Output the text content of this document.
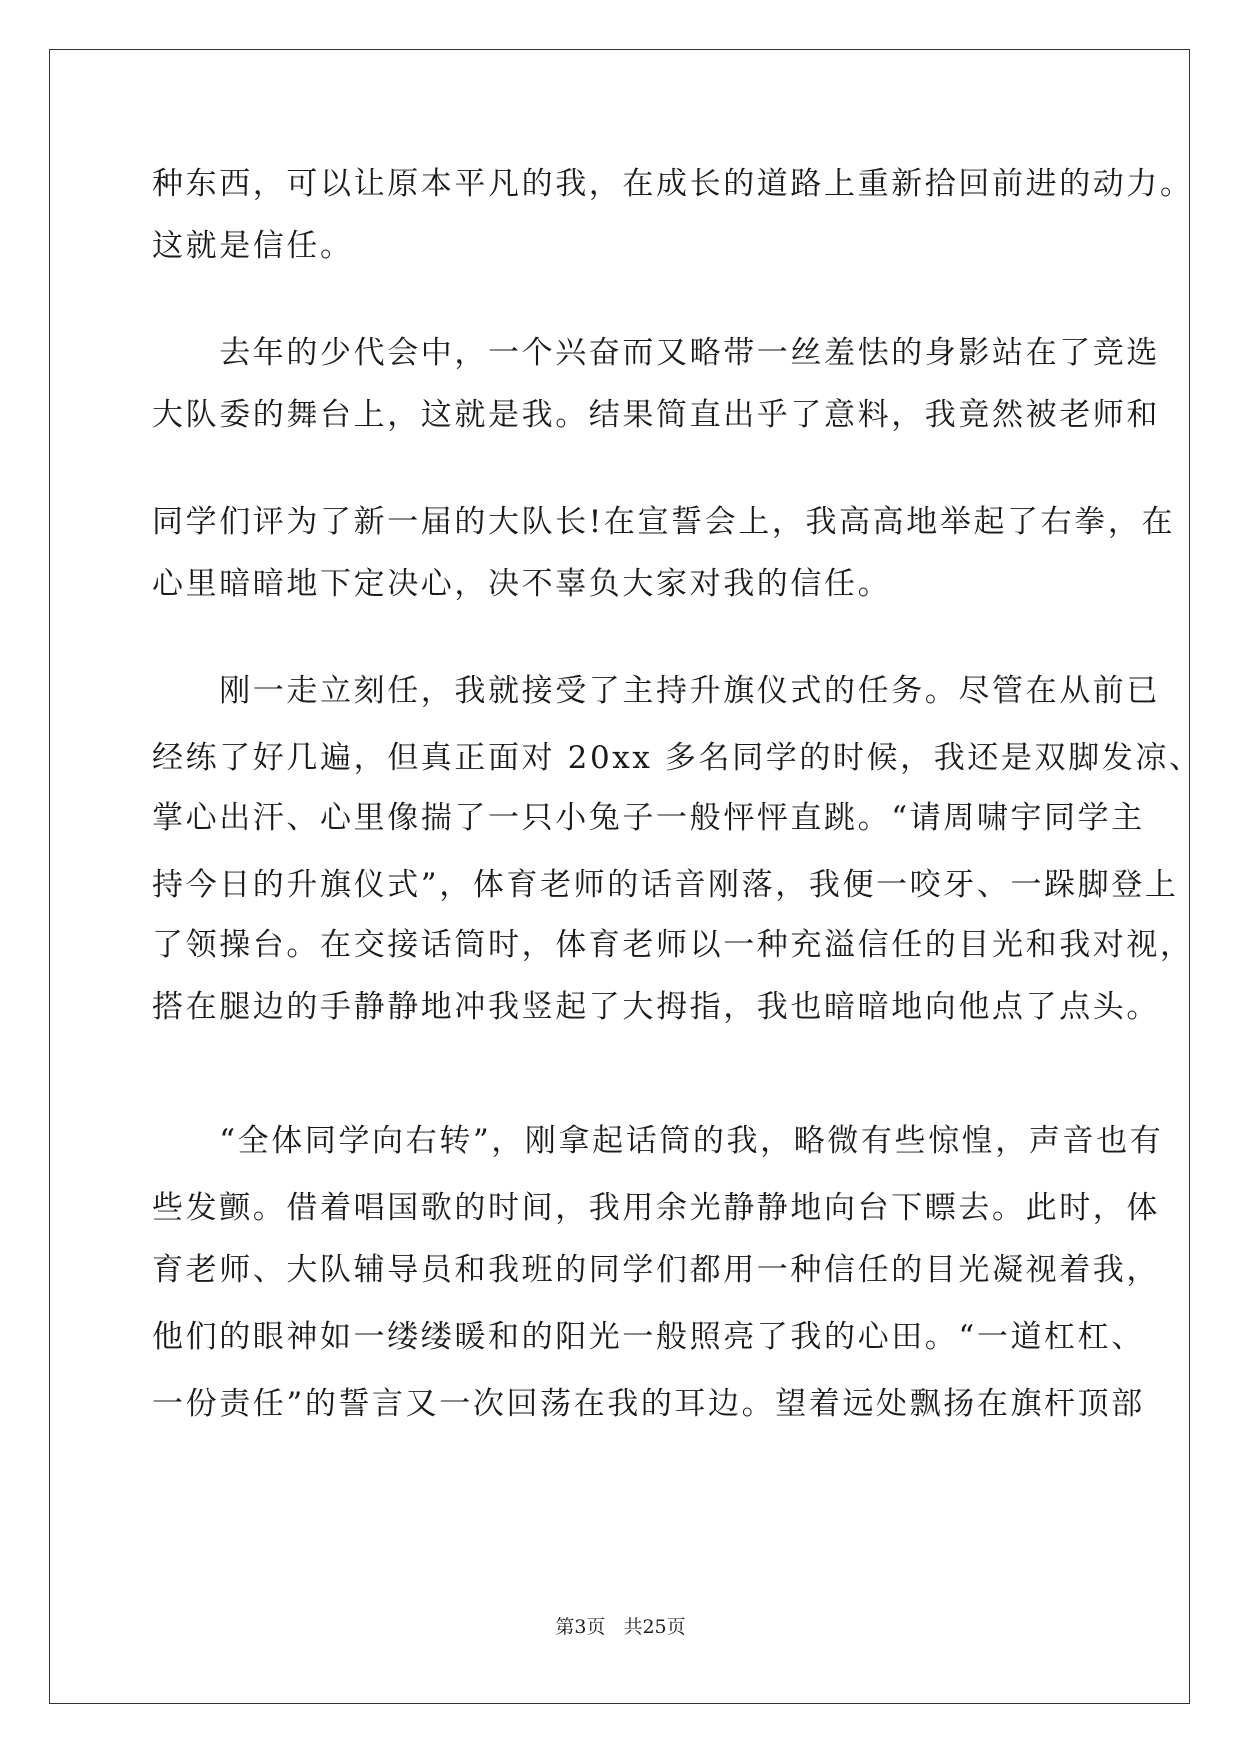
种东西，可以让原本平凡的我，在成长的道路上重新拾回前进的动力。
这就是信任。
　　去年的少代会中，一个兴奋而又略带一丝羞怯的身影站在了竞选
大队委的舞台上，这就是我。结果简直出乎了意料，我竟然被老师和
同学们评为了新一届的大队长!在宣誓会上，我高高地举起了右拳，在
心里暗暗地下定决心，决不辜负大家对我的信任。
　　刚一走立刻任，我就接受了主持升旗仪式的任务。尽管在从前已
经练了好几遍，但真正面对 20xx 多名同学的时候，我还是双脚发凉、
掌心出汗、心里像揣了一只小兔子一般怦怦直跳。“请周啸宇同学主
持今日的升旗仪式”，体育老师的话音刚落，我便一咬牙、一跺脚登上
了领操台。在交接话筒时，体育老师以一种充溢信任的目光和我对视，
搭在腿边的手静静地冲我竖起了大拇指，我也暗暗地向他点了点头。
　　“全体同学向右转”，刚拿起话筒的我，略微有些惊惶，声音也有
些发颤。借着唱国歌的时间，我用余光静静地向台下瞟去。此时，体
育老师、大队辅导员和我班的同学们都用一种信任的目光凝视着我，
他们的眼神如一缕缕暖和的阳光一般照亮了我的心田。“一道杠杠、
一份责任”的誓言又一次回荡在我的耳边。望着远处飘扬在旗杆顶部
第3页 共25页
